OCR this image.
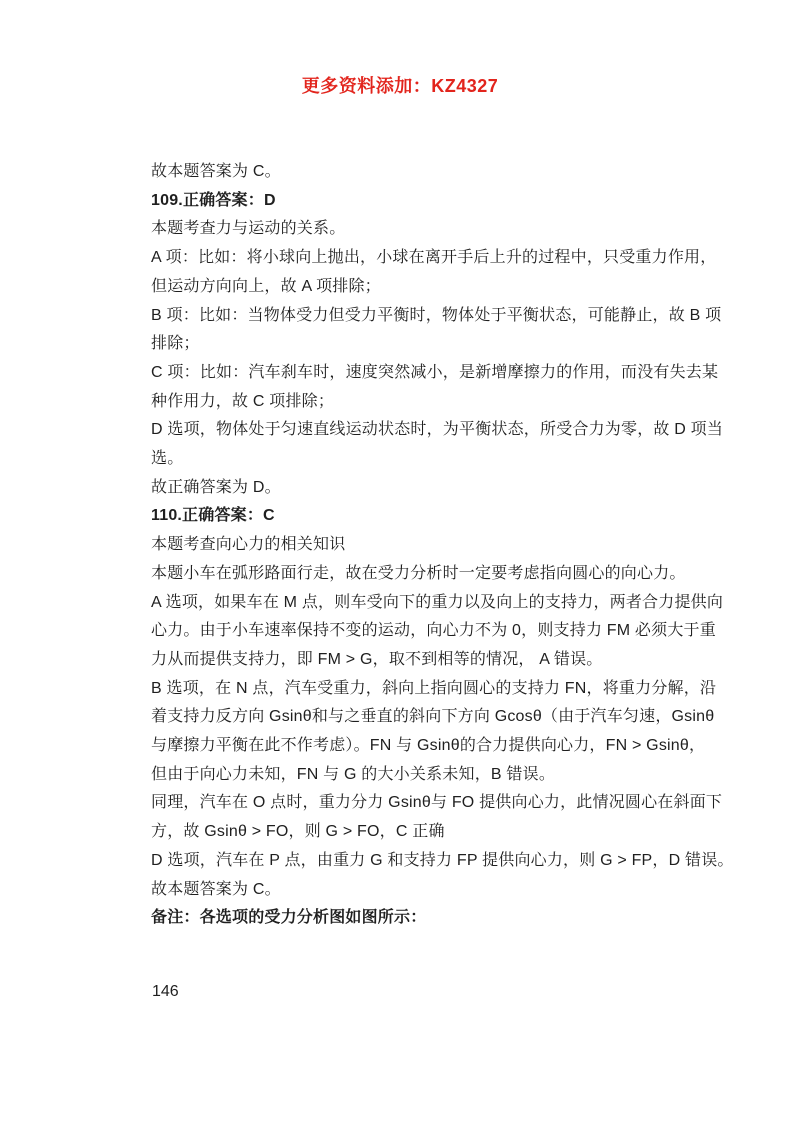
更多资料添加：KZ4327
故本题答案为 C。
109.正确答案：D
本题考查力与运动的关系。
A 项：比如：将小球向上抛出，小球在离开手后上升的过程中，只受重力作用，
但运动方向向上，故 A 项排除；
B 项：比如：当物体受力但受力平衡时，物体处于平衡状态，可能静止，故 B 项
排除；
C 项：比如：汽车刹车时，速度突然减小，是新增摩擦力的作用，而没有失去某
种作用力，故 C 项排除；
D 选项，物体处于匀速直线运动状态时，为平衡状态，所受合力为零，故 D 项当
选。
故正确答案为 D。
110.正确答案：C
本题考查向心力的相关知识
本题小车在弧形路面行走，故在受力分析时一定要考虑指向圆心的向心力。
A 选项，如果车在 M 点，则车受向下的重力以及向上的支持力，两者合力提供向
心力。由于小车速率保持不变的运动，向心力不为 0，则支持力 FM 必须大于重
力从而提供支持力，即 FM > G，取不到相等的情况， A 错误。
B 选项，在 N 点，汽车受重力，斜向上指向圆心的支持力 FN，将重力分解，沿
着支持力反方向 Gsinθ和与之垂直的斜向下方向 Gcosθ（由于汽车匀速，Gsinθ
与摩擦力平衡在此不作考虑）。FN 与 Gsinθ的合力提供向心力，FN > Gsinθ，
但由于向心力未知，FN 与 G 的大小关系未知，B 错误。
同理，汽车在 O 点时，重力分力 Gsinθ与 FO 提供向心力，此情况圆心在斜面下
方，故 Gsinθ > FO，则 G > FO，C 正确
D 选项，汽车在 P 点，由重力 G 和支持力 FP 提供向心力，则 G > FP，D 错误。
故本题答案为 C。
备注：各选项的受力分析图如图所示：
146
